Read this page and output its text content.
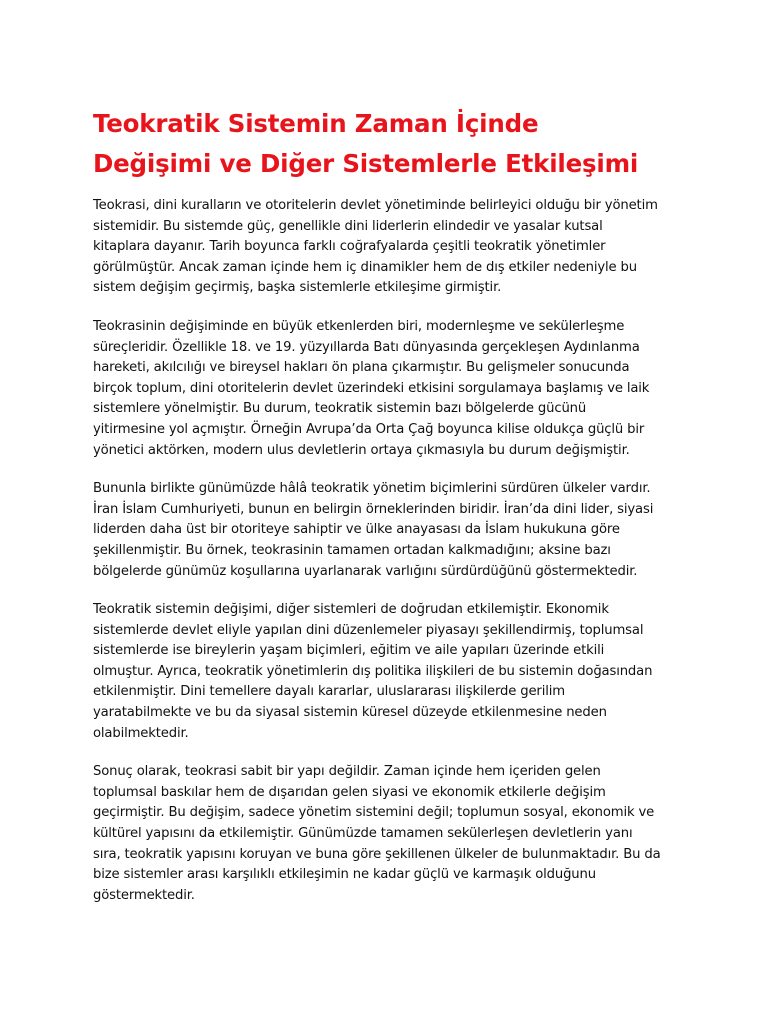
Teokratik Sistemin Zaman İçinde
Değişimi ve Diğer Sistemlerle Etkileşimi

Teokrasi, dini kuralların ve otoritelerin devlet yönetiminde belirleyici olduğu bir yönetim
sistemidir. Bu sistemde güç, genellikle dini liderlerin elindedir ve yasalar kutsal
kitaplara dayanır. Tarih boyunca farklı coğrafyalarda çeşitli teokratik yönetimler
görülmüştür. Ancak zaman içinde hem iç dinamikler hem de dış etkiler nedeniyle bu
sistem değişim geçirmiş, başka sistemlerle etkileşime girmiştir.

Teokrasinin değişiminde en büyük etkenlerden biri, modernleşme ve sekülerleşme
süreçleridir. Özellikle 18. ve 19. yüzyıllarda Batı dünyasında gerçekleşen Aydınlanma
hareketi, akılcılığı ve bireysel hakları ön plana çıkarmıştır. Bu gelişmeler sonucunda
birçok toplum, dini otoritelerin devlet üzerindeki etkisini sorgulamaya başlamış ve laik
sistemlere yönelmiştir. Bu durum, teokratik sistemin bazı bölgelerde gücünü
yitirmesine yol açmıştır. Örneğin Avrupa’da Orta Çağ boyunca kilise oldukça güçlü bir
yönetici aktörken, modern ulus devletlerin ortaya çıkmasıyla bu durum değişmiştir.

Bununla birlikte günümüzde hâlâ teokratik yönetim biçimlerini sürdüren ülkeler vardır.
İran İslam Cumhuriyeti, bunun en belirgin örneklerinden biridir. İran’da dini lider, siyasi
liderden daha üst bir otoriteye sahiptir ve ülke anayasası da İslam hukukuna göre
şekillenmiştir. Bu örnek, teokrasinin tamamen ortadan kalkmadığını; aksine bazı
bölgelerde günümüz koşullarına uyarlanarak varlığını sürdürdüğünü göstermektedir.

Teokratik sistemin değişimi, diğer sistemleri de doğrudan etkilemiştir. Ekonomik
sistemlerde devlet eliyle yapılan dini düzenlemeler piyasayı şekillendirmiş, toplumsal
sistemlerde ise bireylerin yaşam biçimleri, eğitim ve aile yapıları üzerinde etkili
olmuştur. Ayrıca, teokratik yönetimlerin dış politika ilişkileri de bu sistemin doğasından
etkilenmiştir. Dini temellere dayalı kararlar, uluslararası ilişkilerde gerilim
yaratabilmekte ve bu da siyasal sistemin küresel düzeyde etkilenmesine neden
olabilmektedir.

Sonuç olarak, teokrasi sabit bir yapı değildir. Zaman içinde hem içeriden gelen
toplumsal baskılar hem de dışarıdan gelen siyasi ve ekonomik etkilerle değişim
geçirmiştir. Bu değişim, sadece yönetim sistemini değil; toplumun sosyal, ekonomik ve
kültürel yapısını da etkilemiştir. Günümüzde tamamen sekülerleşen devletlerin yanı
sıra, teokratik yapısını koruyan ve buna göre şekillenen ülkeler de bulunmaktadır. Bu da
bize sistemler arası karşılıklı etkileşimin ne kadar güçlü ve karmaşık olduğunu
göstermektedir.
